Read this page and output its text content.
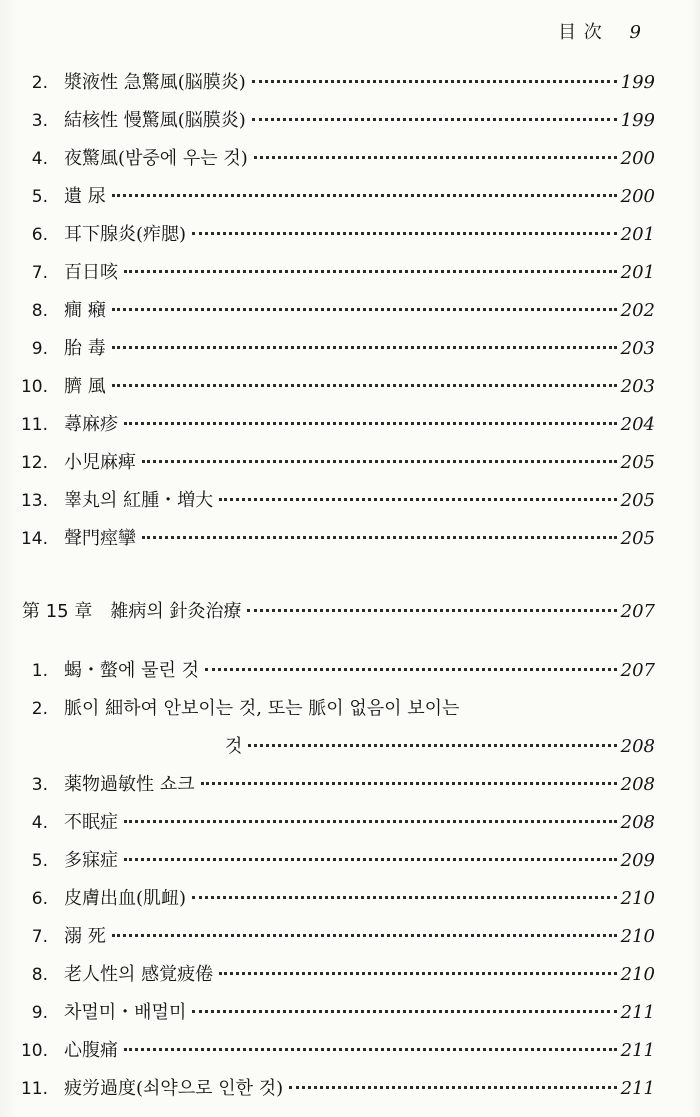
目 次 9
2. 漿液性 急驚風(脳膜炎)	199
3. 結核性 慢驚風(脳膜炎)	199
4. 夜驚風(밤중에 우는 것)	200
5. 遺 尿	200
6. 耳下腺炎(痄腮)	201
7. 百日咳	201
8. 癎 癪	202
9. 胎 毒	203
10. 臍 風	203
11. 蕁麻疹	204
12. 小児麻痺	205
13. 睾丸의 紅腫・増大	205
14. 聲門痙攣	205
第 15 章 雑病의 針灸治療	207
1. 蝎・螫에 물린 것	207
2. 脈이 細하여 안보이는 것, 또는 脈이 없음이 보이는
것	208
3. 薬物過敏性 쇼크	208
4. 不眠症	208
5. 多寐症	209
6. 皮膚出血(肌衄)	210
7. 溺 死	210
8. 老人性의 感覚疲倦	210
9. 차멀미・배멀미	211
10. 心腹痛	211
11. 疲労過度(쇠약으로 인한 것)	211
